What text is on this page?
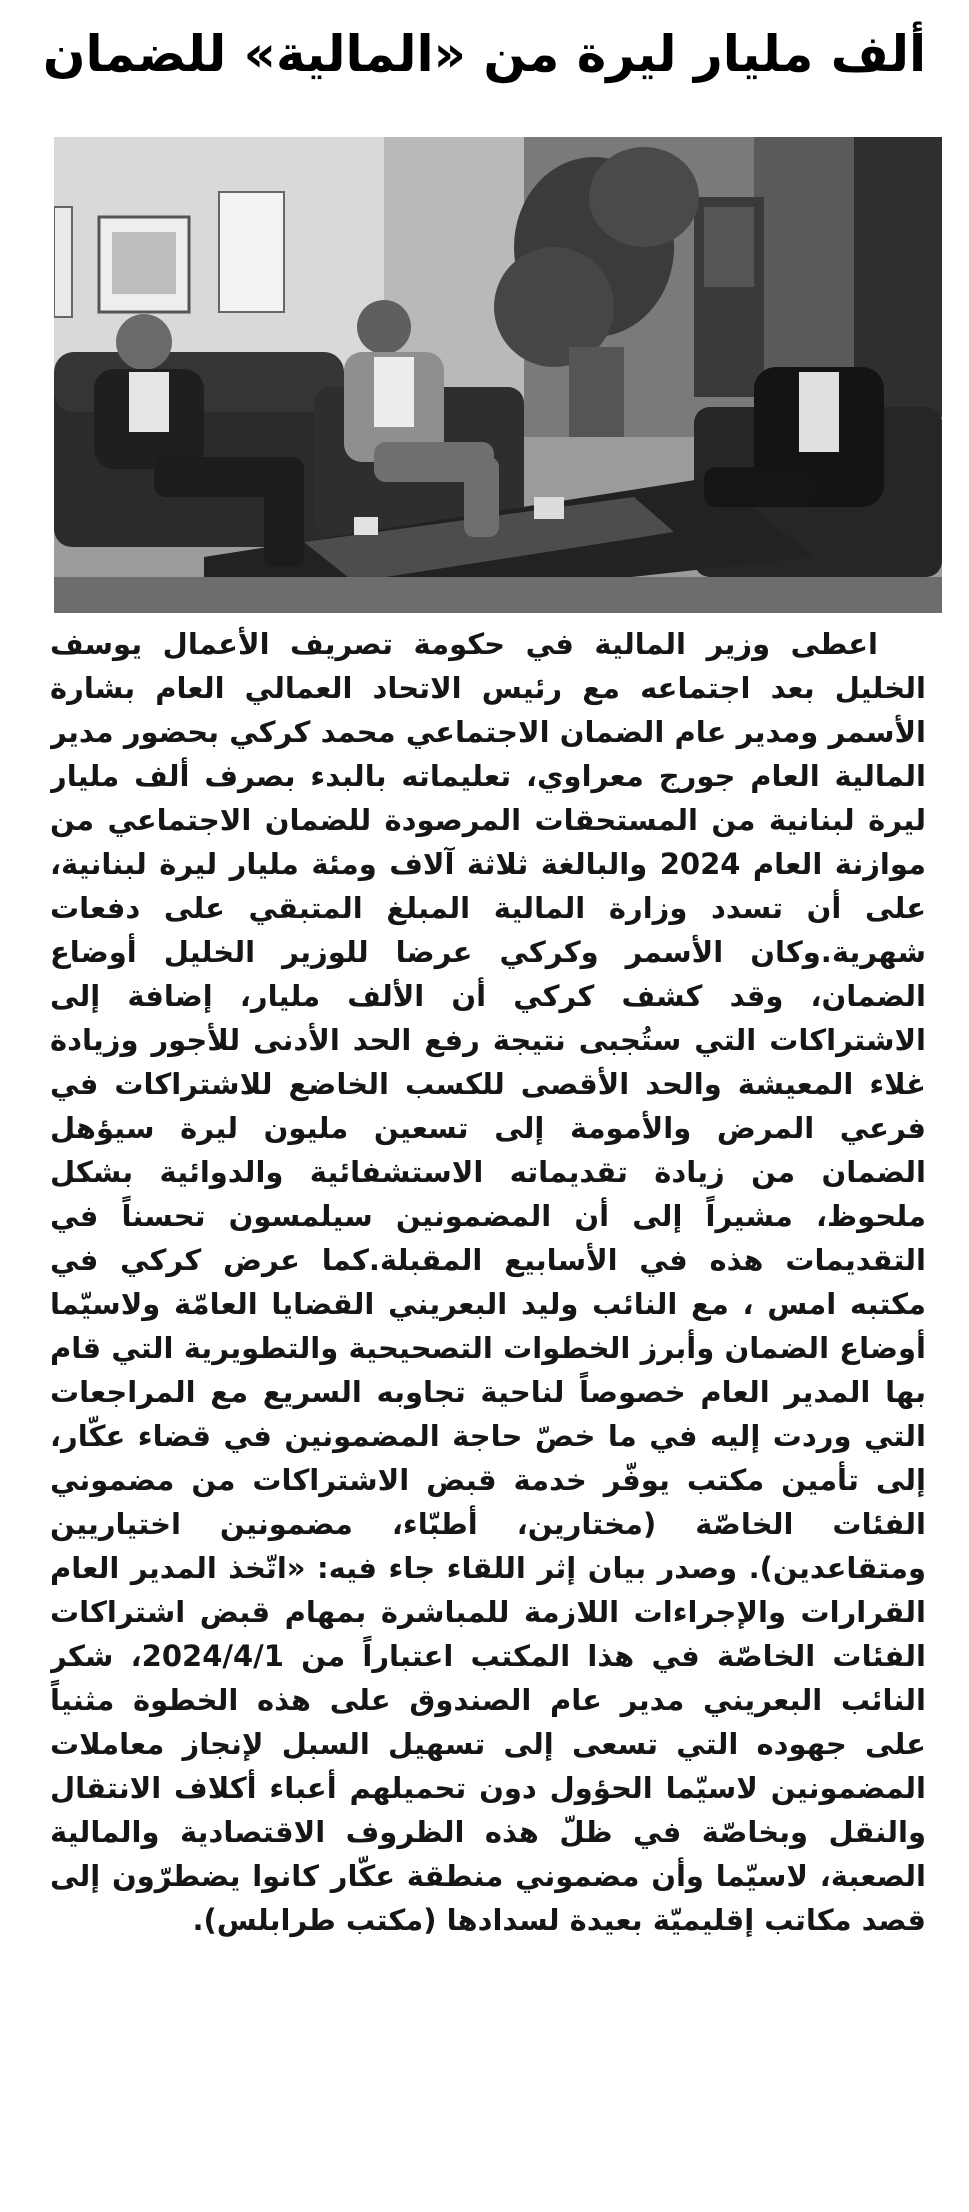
ألف مليار ليرة من «المالية» للضمان

اعطى وزير المالية في حكومة تصريف الأعمال يوسف الخليل بعد اجتماعه مع رئيس الاتحاد العمالي العام بشارة الأسمر ومدير عام الضمان الاجتماعي محمد كركي بحضور مدير المالية العام جورج معراوي، تعليماته بالبدء بصرف ألف مليار ليرة لبنانية من المستحقات المرصودة للضمان الاجتماعي من موازنة العام 2024 والبالغة ثلاثة آلاف ومئة مليار ليرة لبنانية، على أن تسدد وزارة المالية المبلغ المتبقي على دفعات شهرية.وكان الأسمر وكركي عرضا للوزير الخليل أوضاع الضمان، وقد كشف كركي أن الألف مليار، إضافة إلى الاشتراكات التي ستُجبى نتيجة رفع الحد الأدنى للأجور وزيادة غلاء المعيشة والحد الأقصى للكسب الخاضع للاشتراكات في فرعي المرض والأمومة إلى تسعين مليون ليرة سيؤهل الضمان من زيادة تقديماته الاستشفائية والدوائية بشكل ملحوظ، مشيراً إلى أن المضمونين سيلمسون تحسناً في التقديمات هذه في الأسابيع المقبلة.كما عرض كركي في مكتبه امس ، مع النائب وليد البعريني القضايا العامّة ولاسيّما أوضاع الضمان وأبرز الخطوات التصحيحية والتطويرية التي قام بها المدير العام خصوصاً لناحية تجاوبه السريع مع المراجعات التي وردت إليه في ما خصّ حاجة المضمونين في قضاء عكّار، إلى تأمين مكتب يوفّر خدمة قبض الاشتراكات من مضموني الفئات الخاصّة (مختارين، أطبّاء، مضمونين اختياريين ومتقاعدين). وصدر بيان إثر اللقاء جاء فيه: «اتّخذ المدير العام القرارات والإجراءات اللازمة للمباشرة بمهام قبض اشتراكات الفئات الخاصّة في هذا المكتب اعتباراً من 2024/4/1، شكر النائب البعريني مدير عام الصندوق على هذه الخطوة مثنياً على جهوده التي تسعى إلى تسهيل السبل لإنجاز معاملات المضمونين لاسيّما الحؤول دون تحميلهم أعباء أكلاف الانتقال والنقل وبخاصّة في ظلّ هذه الظروف الاقتصادية والمالية الصعبة، لاسيّما وأن مضموني منطقة عكّار كانوا يضطرّون إلى قصد مكاتب إقليميّة بعيدة لسدادها (مكتب طرابلس).
